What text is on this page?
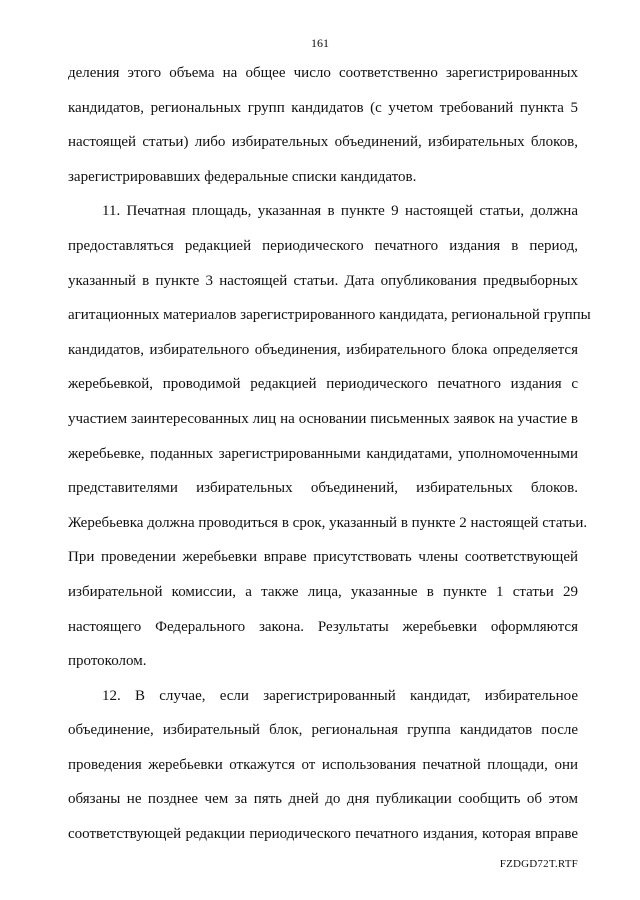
161
деления этого объема на общее число соответственно зарегистрированных
кандидатов, региональных групп кандидатов (с учетом требований пункта 5
настоящей статьи) либо избирательных объединений, избирательных блоков,
зарегистрировавших федеральные списки кандидатов.
11. Печатная площадь, указанная в пункте 9 настоящей статьи, должна
предоставляться редакцией периодического печатного издания в период,
указанный в пункте 3 настоящей статьи. Дата опубликования предвыборных
агитационных материалов зарегистрированного кандидата, региональной группы
кандидатов, избирательного объединения, избирательного блока определяется
жеребьевкой, проводимой редакцией периодического печатного издания с
участием заинтересованных лиц на основании письменных заявок на участие в
жеребьевке, поданных зарегистрированными кандидатами, уполномоченными
представителями избирательных объединений, избирательных блоков.
Жеребьевка должна проводиться в срок, указанный в пункте 2 настоящей статьи.
При проведении жеребьевки вправе присутствовать члены соответствующей
избирательной комиссии, а также лица, указанные в пункте 1 статьи 29
настоящего Федерального закона. Результаты жеребьевки оформляются
протоколом.
12. В случае, если зарегистрированный кандидат, избирательное
объединение, избирательный блок, региональная группа кандидатов после
проведения жеребьевки откажутся от использования печатной площади, они
обязаны не позднее чем за пять дней до дня публикации сообщить об этом
соответствующей редакции периодического печатного издания, которая вправе
FZDGD72T.RTF
